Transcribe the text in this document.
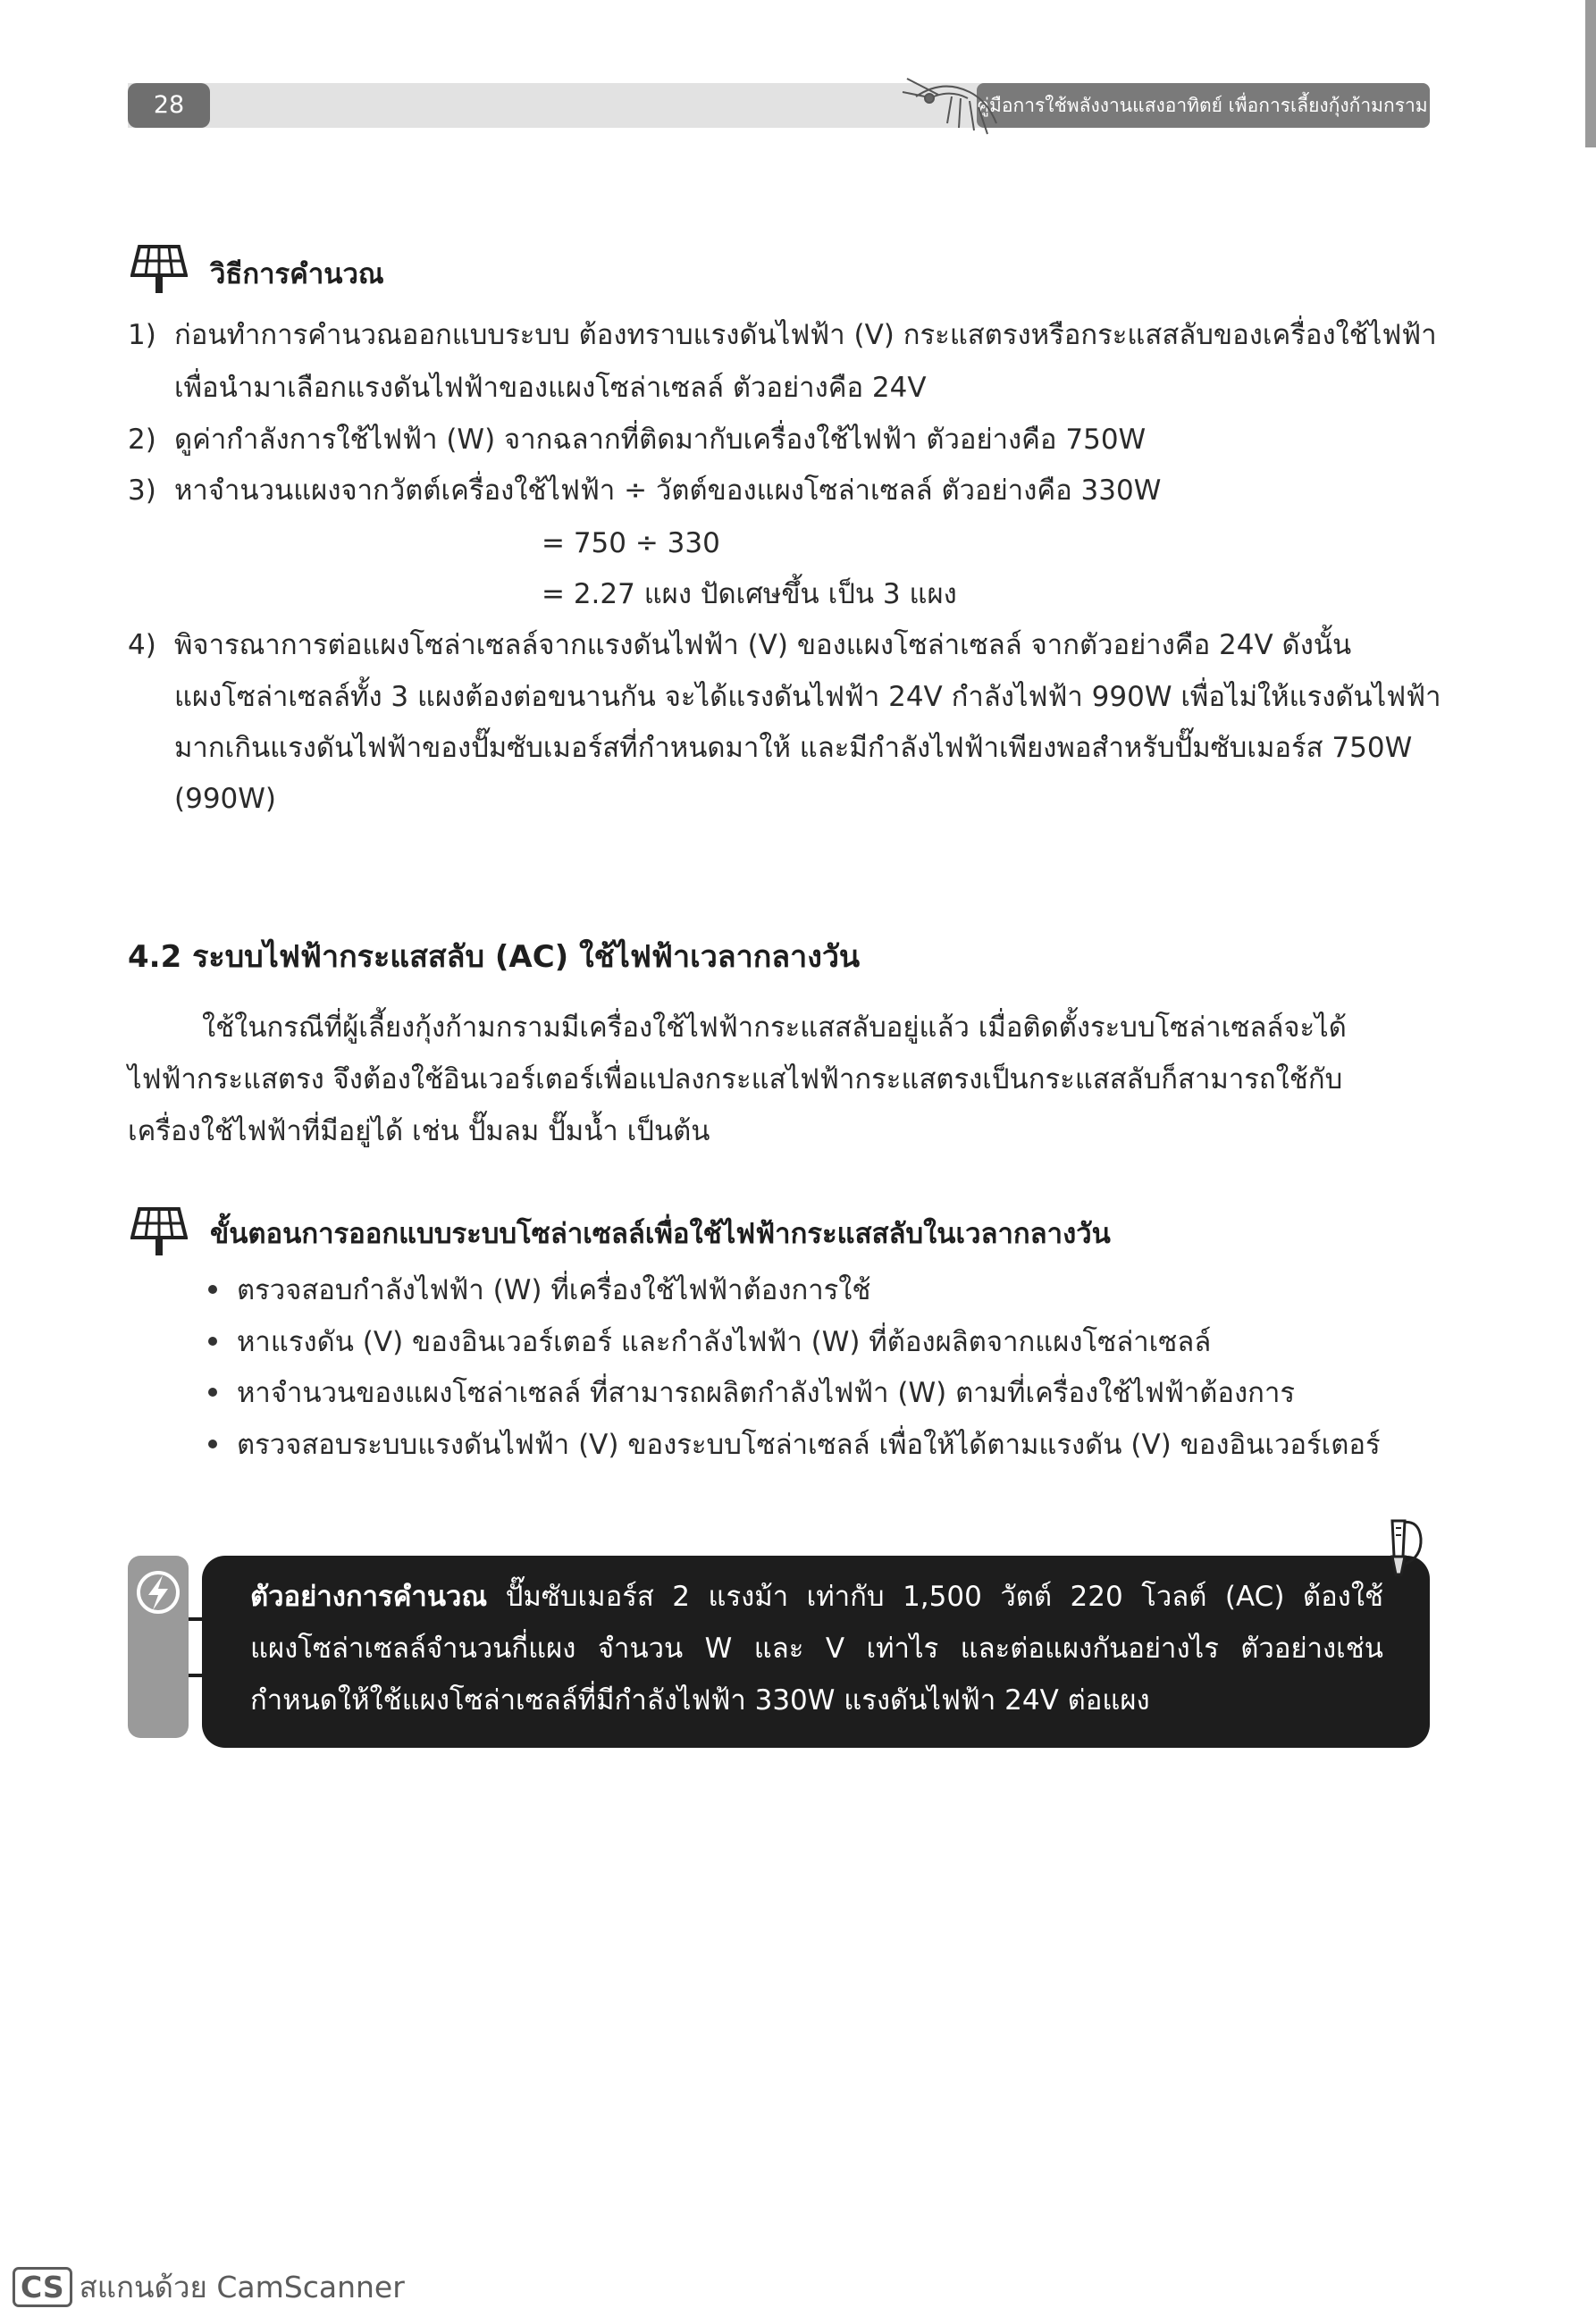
คู่มือการใช้พลังงานแสงอาทิตย์ เพื่อการเลี้ยงกุ้งก้ามกราม
28
วิธีการคำนวณ
1) ก่อนทำการคำนวณออกแบบระบบ ต้องทราบแรงดันไฟฟ้า (V) กระแสตรงหรือกระแสสลับของเครื่องใช้ไฟฟ้า
เพื่อนำมาเลือกแรงดันไฟฟ้าของแผงโซล่าเซลล์ ตัวอย่างคือ 24V
2) ดูค่ากำลังการใช้ไฟฟ้า (W) จากฉลากที่ติดมากับเครื่องใช้ไฟฟ้า ตัวอย่างคือ 750W
3) หาจำนวนแผงจากวัตต์เครื่องใช้ไฟฟ้า ÷ วัตต์ของแผงโซล่าเซลล์ ตัวอย่างคือ 330W
= 750 ÷ 330
= 2.27 แผง ปัดเศษขึ้น เป็น 3 แผง
4) พิจารณาการต่อแผงโซล่าเซลล์จากแรงดันไฟฟ้า (V) ของแผงโซล่าเซลล์ จากตัวอย่างคือ 24V ดังนั้น
แผงโซล่าเซลล์ทั้ง 3 แผงต้องต่อขนานกัน จะได้แรงดันไฟฟ้า 24V กำลังไฟฟ้า 990W เพื่อไม่ให้แรงดันไฟฟ้า
มากเกินแรงดันไฟฟ้าของปั๊มซับเมอร์สที่กำหนดมาให้ และมีกำลังไฟฟ้าเพียงพอสำหรับปั๊มซับเมอร์ส 750W
(990W)
4.2 ระบบไฟฟ้ากระแสสลับ (AC) ใช้ไฟฟ้าเวลากลางวัน
ใช้ในกรณีที่ผู้เลี้ยงกุ้งก้ามกรามมีเครื่องใช้ไฟฟ้ากระแสสลับอยู่แล้ว เมื่อติดตั้งระบบโซล่าเซลล์จะได้
ไฟฟ้ากระแสตรง จึงต้องใช้อินเวอร์เตอร์เพื่อแปลงกระแสไฟฟ้ากระแสตรงเป็นกระแสสลับก็สามารถใช้กับ
เครื่องใช้ไฟฟ้าที่มีอยู่ได้ เช่น ปั๊มลม ปั๊มน้ำ เป็นต้น
ขั้นตอนการออกแบบระบบโซล่าเซลล์เพื่อใช้ไฟฟ้ากระแสสลับในเวลากลางวัน
ตรวจสอบกำลังไฟฟ้า (W) ที่เครื่องใช้ไฟฟ้าต้องการใช้
หาแรงดัน (V) ของอินเวอร์เตอร์ และกำลังไฟฟ้า (W) ที่ต้องผลิตจากแผงโซล่าเซลล์
หาจำนวนของแผงโซล่าเซลล์ ที่สามารถผลิตกำลังไฟฟ้า (W) ตามที่เครื่องใช้ไฟฟ้าต้องการ
ตรวจสอบระบบแรงดันไฟฟ้า (V) ของระบบโซล่าเซลล์ เพื่อให้ได้ตามแรงดัน (V) ของอินเวอร์เตอร์
ตัวอย่างการคำนวณ ปั๊มซับเมอร์ส 2 แรงม้า เท่ากับ 1,500 วัตต์ 220 โวลต์ (AC) ต้องใช้
แผงโซล่าเซลล์จำนวนกี่แผง จำนวน W และ V เท่าไร และต่อแผงกันอย่างไร ตัวอย่างเช่น
กำหนดให้ใช้แผงโซล่าเซลล์ที่มีกำลังไฟฟ้า 330W แรงดันไฟฟ้า 24V ต่อแผง
CS สแกนด้วย CamScanner
